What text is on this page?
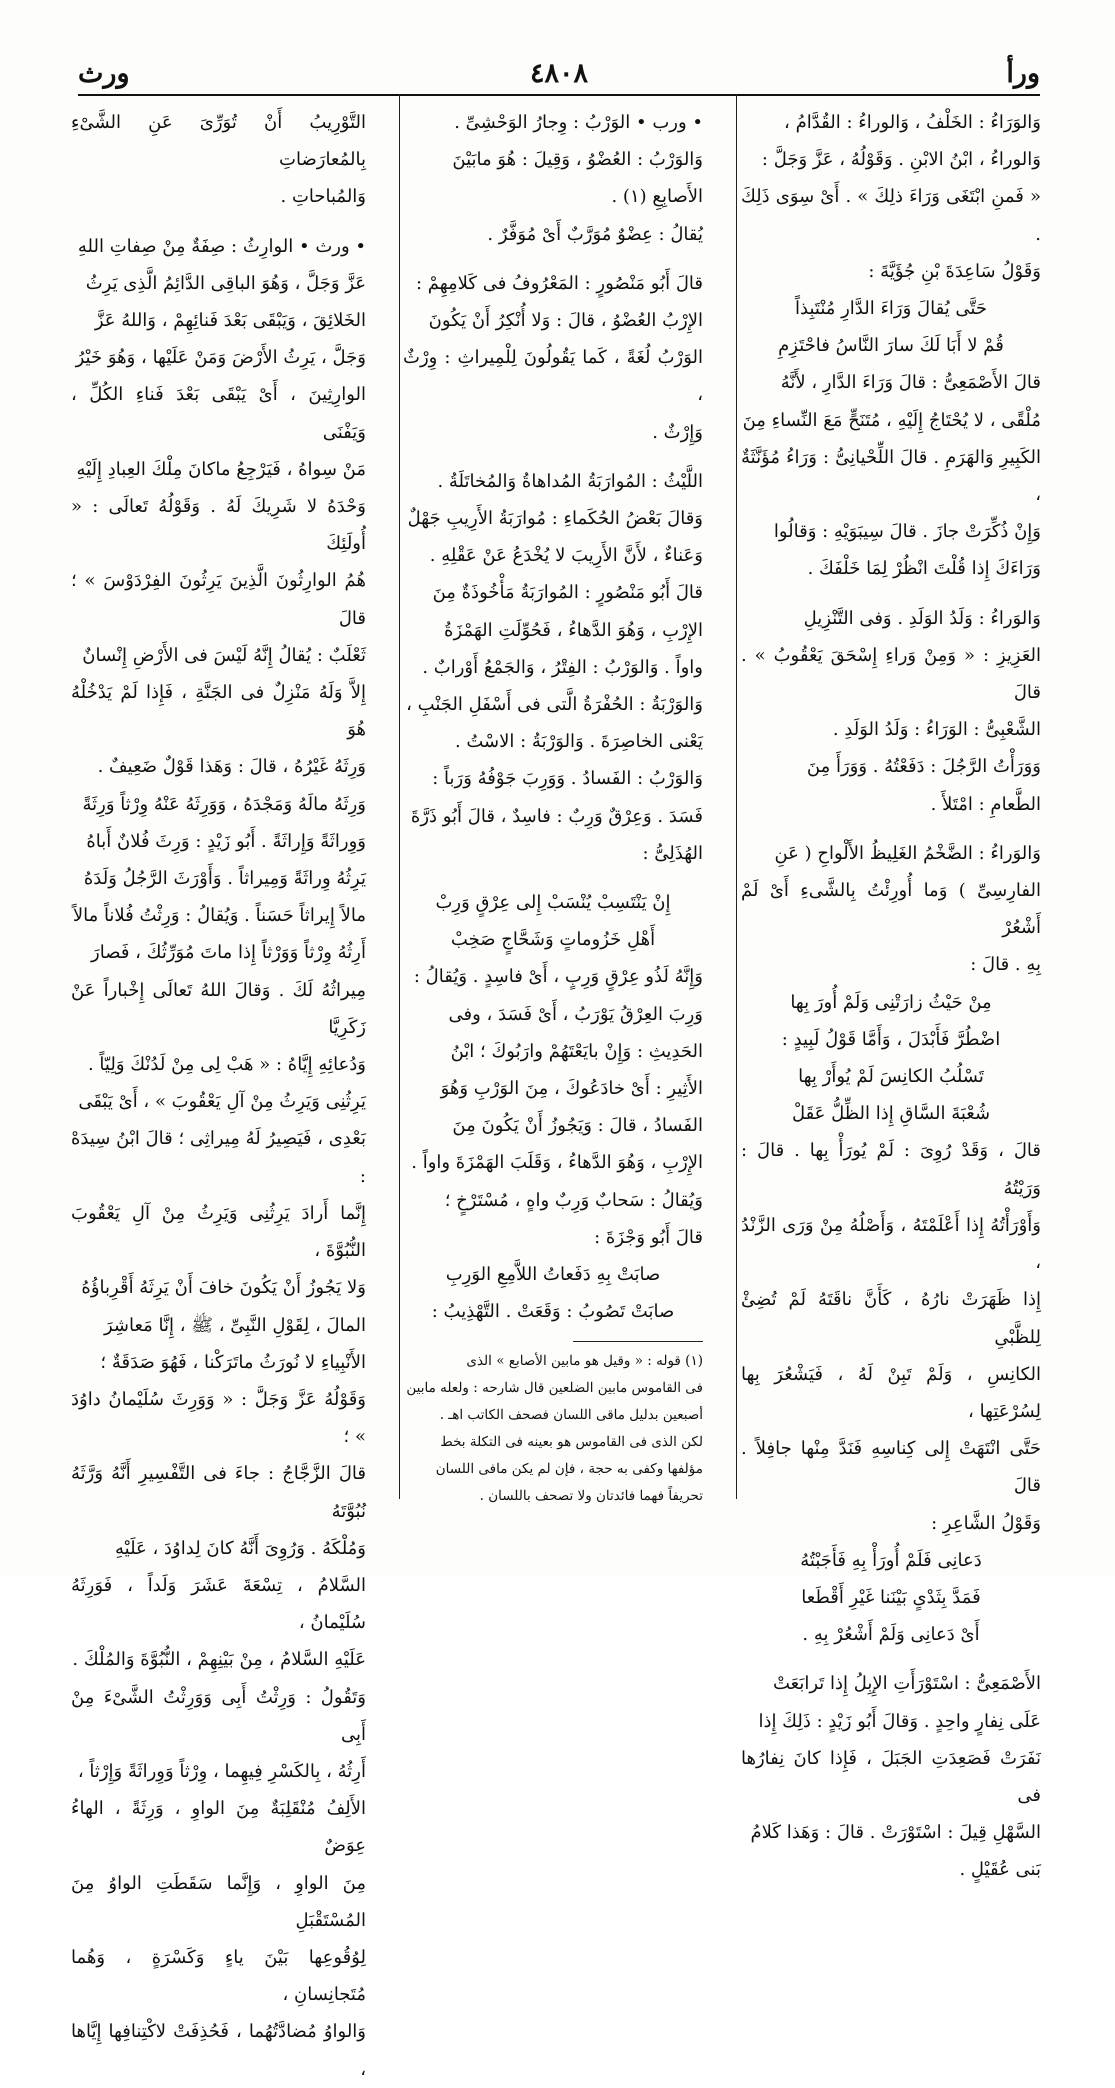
ورأ
٤٨٠٨
ورث

وَالوَرَاءُ : الخَلْفُ ، وَالوراءُ : القُدَّامُ ،
وَالوراءُ ، ابْنُ الابْنِ . وَقَوْلُهُ ، عَزَّ وَجَلَّ :
« فَمنِ ابْتَغَى وَرَاءَ ذلِكَ » . أَىْ سِوَى ذَلِكَ .
وَقَوْلُ سَاعِدَةَ بْنِ جُؤَيَّةَ :

حَتَّى يُقالَ وَرَاءَ الدَّارِ مُنْتَبِذاً
قُمْ لا أَبَا لَكَ سارَ النَّاسُ فاحْتَزِمِ

قالَ الأَصْمَعِىُّ : قالَ وَرَاءَ الدَّارِ ، لأَنَّهُ
مُلْقًى ، لا يُحْتَاجُ إِلَيْهِ ، مُتَنَحٍّ مَعَ النِّساءِ مِنَ
الكَبِيرِ وَالهَرَمِ . قالَ اللِّحْيانِىُّ : وَرَاءُ مُؤَنَّثَةٌ ،
وَإِنْ ذُكِّرَتْ جازَ . قالَ سِيبَوَيْهِ : وَقالُوا
وَرَاءَكَ إِذا قُلْتَ انْظُرْ لِمَا خَلْفَكَ .

وَالوَراءُ : وَلَدُ الوَلَدِ . وَفى التَّنْزِيلِ
العَزِيزِ : « وَمِنْ وَراءِ إِسْحَقَ يَعْقُوبُ » . قالَ
الشَّعْبِىُّ : الوَرَاءُ : وَلَدُ الوَلَدِ .
وَوَرَأْتُ الرَّجُلَ : دَفَعْتُهُ . وَوَرَأَ مِنَ
الطَّعامِ : امْتَلأَ .

وَالوَراءُ : الضَّخْمُ الغَلِيظُ الأَلْواحِ ( عَنِ
الفارِسِىِّ ) وَما أُورِئْتُ بِالشَّىءِ أَىْ لَمْ أَشْعُرْ
بِهِ . قالَ :

مِنْ حَيْثُ زارَتْنِى وَلَمْ أُورَ بِها
اضْطُرَّ فَأَبْدَلَ ، وَأَمَّا قَوْلُ لَبِيدٍ :

تَسْلُبُ الكانِسَ لَمْ يُوأَرْ بِها
شُعْبَةَ السَّاقِ إِذا الظِّلُّ عَقَلْ

قالَ ، وَقَدْ رُوِىَ : لَمْ يُورَأْ بِها . قالَ : وَرَيْتُهُ
وَأَوْرَأْتُهُ إِذا أَعْلَمْتَهُ ، وَأَصْلُهُ مِنْ وَرَى الزَّنْدُ ،
إِذا ظَهَرَتْ نارُهُ ، كَأَنَّ ناقَتَهُ لَمْ تُضِئْ لِلظَّبْىِ
الكانِسِ ، وَلَمْ تَبِنْ لَهُ ، فَيَشْعُرَ بِها لِسُرْعَتِها ،
حَتَّى انْتَهَتْ إِلى كِناسِهِ فَنَدَّ مِنْها جافِلاً . قالَ
وَقَوْلُ الشَّاعِرِ :

دَعانِى فَلَمْ أُورَأْ بِهِ فَأَجَبْتُهُ
فَمَدَّ بِثَدْىٍ بَيْنَنا غَيْرِ أَقْطَعا
أَىْ دَعانِى وَلَمْ أَشْعُرْ بِهِ .

الأَصْمَعِىُّ : اسْتَوْرَأَتِ الإِبِلُ إِذا تَرابَعَتْ
عَلَى نِفارٍ واحِدٍ . وَقالَ أَبُو زَيْدٍ : ذَلِكَ إِذا
نَفَرَتْ فَصَعِدَتِ الجَبَلَ ، فَإِذا كانَ نِفارُها فى
السَّهْلِ قِيلَ : اسْتَوْرَتْ . قالَ : وَهَذا كَلامُ
بَنى عُقَيْلٍ .

• ورب • الوَرْبُ : وِجارُ الوَحْشِىِّ .
وَالوَرْبُ : العُضْوُ ، وَقِيلَ : هُوَ مابَيْنَ
الأَصابِعِ (١) .
يُقالُ : عِضْوٌ مُوَرَّبٌ أَىْ مُوَفَّرٌ .

قالَ أَبُو مَنْصُورٍ : المَعْرُوفُ فى كَلامِهِمْ :
الإِرْبُ العُضْوُ ، قالَ : وَلا أُنْكِرُ أَنْ يَكُونَ
الوَرْبُ لُغَةً ، كَما يَقُولُونَ لِلْمِيراثِ : وِرْثٌ ،
وَإِرْثٌ .

اللَّيْثُ : المُوارَبَةُ المُداهاةُ وَالمُخاتَلَةُ .
وَقالَ بَعْضُ الحُكَماءِ : مُوارَبَةُ الأَرِيبِ جَهْلٌ
وَعَناءٌ ، لأَنَّ الأَرِيبَ لا يُخْدَعُ عَنْ عَقْلِهِ .
قالَ أَبُو مَنْصُورٍ : المُوارَبَةُ مَأْخُوذَةٌ مِنَ
الإِرْبِ ، وَهُوَ الدَّهاءُ ، فَحُوِّلَتِ الهَمْزَةُ
واواً . وَالوَرْبُ : الفِتْرُ ، وَالجَمْعُ أَوْرابٌ .
وَالوَرْبَةُ : الحُفْرَةُ الَّتى فى أَسْفَلِ الجَنْبِ ،
يَعْنى الخاصِرَةَ . وَالوَرْبَةُ : الاسْتُ .
وَالوَرْبُ : الفَسادُ . وَوَرِبَ جَوْفُهُ وَرَباً :
فَسَدَ . وَعِرْقٌ وَرِبٌ : فاسِدٌ ، قالَ أَبُو ذَرَّةَ
الهُذَلِىُّ :

إِنْ يَنْتَسِبْ يُنْسَبْ إِلى عِرْقٍ وَرِبْ
أَهْلِ خَزُوماتٍ وَشَحَّاجٍ صَخِبْ

وَإِنَّهُ لَذُو عِرْقٍ وَرِبٍ ، أَىْ فاسِدٍ . وَيُقالُ :
وَرِبَ العِرْقُ يَوْرَبُ ، أَىْ فَسَدَ ، وفى
الحَدِيثِ : وَإِنْ بايَعْتَهُمْ وارَبُوكَ ؛ ابْنُ
الأَثِيرِ : أَىْ خادَعُوكَ ، مِنَ الوَرْبِ وَهُوَ
الفَسادُ ، قالَ : وَيَجُوزُ أَنْ يَكُونَ مِنَ
الإِرْبِ ، وَهُوَ الدَّهاءُ ، وَقَلَبَ الهَمْزَةَ واواً .
وَيُقالُ : سَحابٌ وَرِبٌ واهٍ ، مُسْتَرْخٍ ؛
قالَ أَبُو وَجْزَةَ :

صابَتْ بِهِ دَفَعاتُ اللاَّمِعِ الوَرِبِ
صابَتْ تَصُوبُ : وَقَعَتْ . التَّهْذِيبُ :

(١) قوله : « وقيل هو مابين الأصابع » الذى
فى القاموس مابين الضلعين قال شارحه : ولعله مابين
أصبعين بدليل ماقى اللسان فصحف الكاتب اهـ .
لكن الذى فى القاموس هو بعينه فى التكلة بخط
مؤلفها وكفى به حجة ، فإن لم يكن مافى اللسان
تحريفاً فهما فائدتان ولا تصحف باللسان .

التَّوْرِيبُ أَنْ تُوَرِّىَ عَنِ الشَّىْءِ بِالمُعارَضاتِ
وَالمُباحاتِ .

• ورث • الوارِثُ : صِفَةٌ مِنْ صِفاتِ اللهِ
عَزَّ وَجَلَّ ، وَهُوَ الباقِى الدَّائِمُ الَّذِى يَرِثُ
الخَلائِقَ ، وَيَبْقَى بَعْدَ فَنائِهِمْ ، وَاللهُ عَزَّ
وَجَلَّ ، يَرِثُ الأَرْضَ وَمَنْ عَلَيْها ، وَهُوَ خَيْرُ
الوارِثِينَ ، أَىْ يَبْقَى بَعْدَ فَناءِ الكُلِّ ، وَيَفْنَى
مَنْ سِواهُ ، فَيَرْجِعُ ماكانَ مِلْكَ العِبادِ إِلَيْهِ
وَحْدَهُ لا شَرِيكَ لَهُ . وَقَوْلُهُ تَعالَى : « أُولَئِكَ
هُمُ الوارِثُونَ الَّذِينَ يَرِثُونَ الفِرْدَوْسَ » ؛ قالَ
ثَعْلَبٌ : يُقالُ إِنَّهُ لَيْسَ فى الأَرْضِ إِنْسانٌ
إِلاَّ وَلَهُ مَنْزِلٌ فى الجَنَّةِ ، فَإِذا لَمْ يَدْخُلْهُ هُوَ
وَرِثَهُ غَيْرُهُ ، قالَ : وَهَذا قَوْلٌ ضَعِيفٌ .

وَرِثَهُ مالَهُ وَمَجْدَهُ ، وَوَرِثَهُ عَنْهُ وِرْثاً وَرِثَةً
وَوِراثَةً وَإِراثَةً . أَبُو زَيْدٍ : وَرِثَ فُلانٌ أَباهُ
يَرِثُهُ وِراثَةً وَمِيراثاً . وَأَوْرَثَ الرَّجُلُ وَلَدَهُ
مالاً إِيراثاً حَسَناً . وَيُقالُ : وَرِثْتُ فُلاناً مالاً
أَرِثُهُ وِرْثاً وَوَرْثاً إِذا ماتَ مُوَرِّثُكَ ، فَصارَ
مِيراثُهُ لَكَ . وَقالَ اللهُ تَعالَى إِخْباراً عَنْ زَكَرِيَّا
وَدُعائِهِ إِيَّاهُ : « هَبْ لِى مِنْ لَدُنْكَ وَلِيّاً .
يَرِثُنِى وَيَرِثُ مِنْ آلِ يَعْقُوبَ » ، أَىْ يَبْقَى
بَعْدِى ، فَيَصِيرُ لَهُ مِيراثِى ؛ قالَ ابْنُ سِيدَهْ :
إِنَّما أَرادَ يَرِثُنِى وَيَرِثُ مِنْ آلِ يَعْقُوبَ النُّبُوَّةَ ،
وَلا يَجُوزُ أَنْ يَكُونَ خافَ أَنْ يَرِثَهُ أَقْرِباؤُهُ
المالَ ، لِقَوْلِ النَّبِىِّ ، ﷺ ، إِنَّا مَعاشِرَ
الأَنْبِياءِ لا نُورَثُ ماتَرَكْنا ، فَهُوَ صَدَقَةٌ ؛
وَقَوْلُهُ عَزَّ وَجَلَّ : « وَوَرِثَ سُلَيْمانُ داوُدَ » ؛
قالَ الزَّجَّاجُ : جاءَ فى التَّفْسِيرِ أَنَّهُ وَرَّثَهُ نُبُوَّتَهُ
وَمُلْكَهُ . وَرُوِىَ أَنَّهُ كانَ لِداوُدَ ، عَلَيْهِ
السَّلامُ ، تِسْعَةَ عَشَرَ وَلَداً ، فَوَرِثَهُ سُلَيْمانُ ،
عَلَيْهِ السَّلامُ ، مِنْ بَيْنِهِمْ ، النُّبُوَّةَ وَالمُلْكَ .
وَتَقُولُ : وَرِثْتُ أَبِى وَوَرِثْتُ الشَّىْءَ مِنْ أَبِى
أَرِثُهُ ، بِالكَسْرِ فِيهِما ، وِرْثاً وَوِراثَةً وَإِرْثاً ،
الأَلِفُ مُنْقَلِبَةٌ مِنَ الواوِ ، وَرِثَةً ، الهاءُ عِوَضٌ
مِنَ الواوِ ، وَإِنَّما سَقَطَتِ الواوُ مِنَ المُسْتَقْبَلِ
لِوُقُوعِها بَيْنَ ياءٍ وَكَسْرَةٍ ، وَهُما مُتَجانِسانِ ،
وَالواوُ مُضادَّتُهُما ، فَحُذِفَتْ لاكْتِنافِها إِيَّاها ،
